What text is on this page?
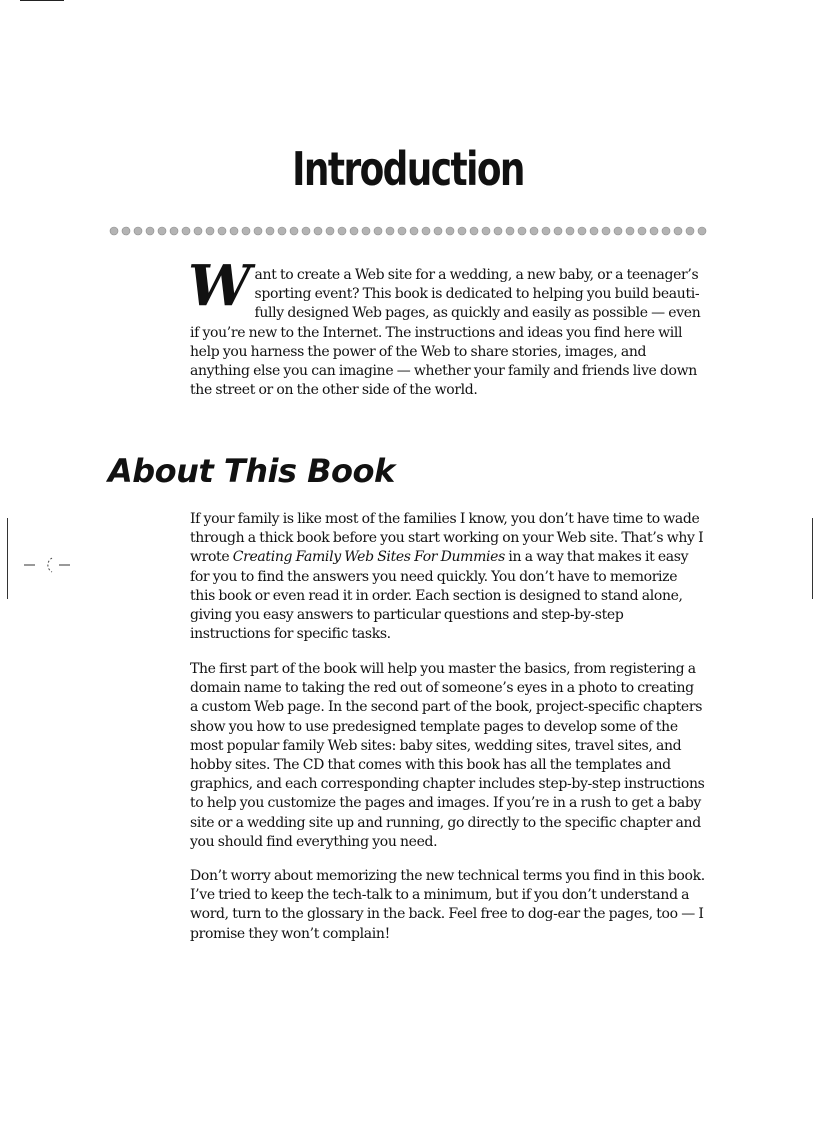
Introduction

Want to create a Web site for a wedding, a new baby, or a teenager’s sporting event? This book is dedicated to helping you build beauti-fully designed Web pages, as quickly and easily as possible — even if you’re new to the Internet. The instructions and ideas you find here will help you harness the power of the Web to share stories, images, and anything else you can imagine — whether your family and friends live down the street or on the other side of the world.

About This Book

If your family is like most of the families I know, you don’t have time to wade through a thick book before you start working on your Web site. That’s why I wrote Creating Family Web Sites For Dummies in a way that makes it easy for you to find the answers you need quickly. You don’t have to memorize this book or even read it in order. Each section is designed to stand alone, giving you easy answers to particular questions and step-by-step instructions for specific tasks.

The first part of the book will help you master the basics, from registering a domain name to taking the red out of someone’s eyes in a photo to creating a custom Web page. In the second part of the book, project-specific chapters show you how to use predesigned template pages to develop some of the most popular family Web sites: baby sites, wedding sites, travel sites, and hobby sites. The CD that comes with this book has all the templates and graphics, and each corresponding chapter includes step-by-step instructions to help you customize the pages and images. If you’re in a rush to get a baby site or a wedding site up and running, go directly to the specific chapter and you should find everything you need.

Don’t worry about memorizing the new technical terms you find in this book. I’ve tried to keep the tech-talk to a minimum, but if you don’t understand a word, turn to the glossary in the back. Feel free to dog-ear the pages, too — I promise they won’t complain!
